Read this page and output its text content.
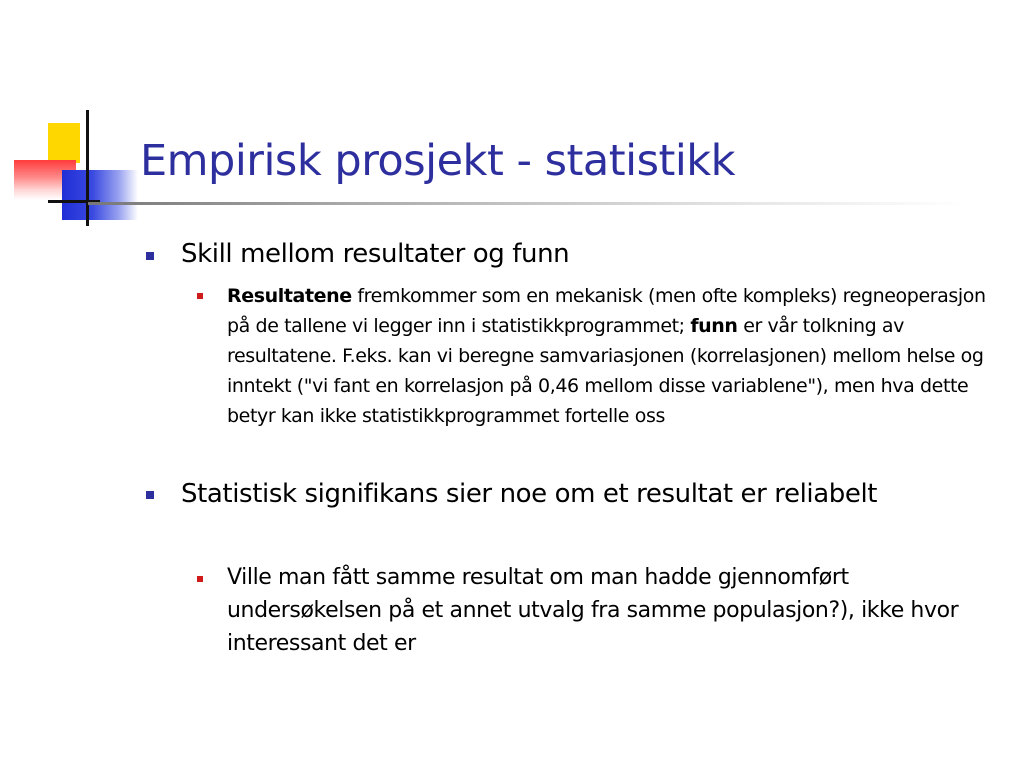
Empirisk prosjekt - statistikk

Skill mellom resultater og funn

Resultatene fremkommer som en mekanisk (men ofte kompleks) regneoperasjon på de tallene vi legger inn i statistikkprogrammet; funn er vår tolkning av resultatene. F.eks. kan vi beregne samvariasjonen (korrelasjonen) mellom helse og inntekt ("vi fant en korrelasjon på 0,46 mellom disse variablene"), men hva dette betyr kan ikke statistikkprogrammet fortelle oss

Statistisk signifikans sier noe om et resultat er reliabelt

Ville man fått samme resultat om man hadde gjennomført undersøkelsen på et annet utvalg fra samme populasjon?), ikke hvor interessant det er
